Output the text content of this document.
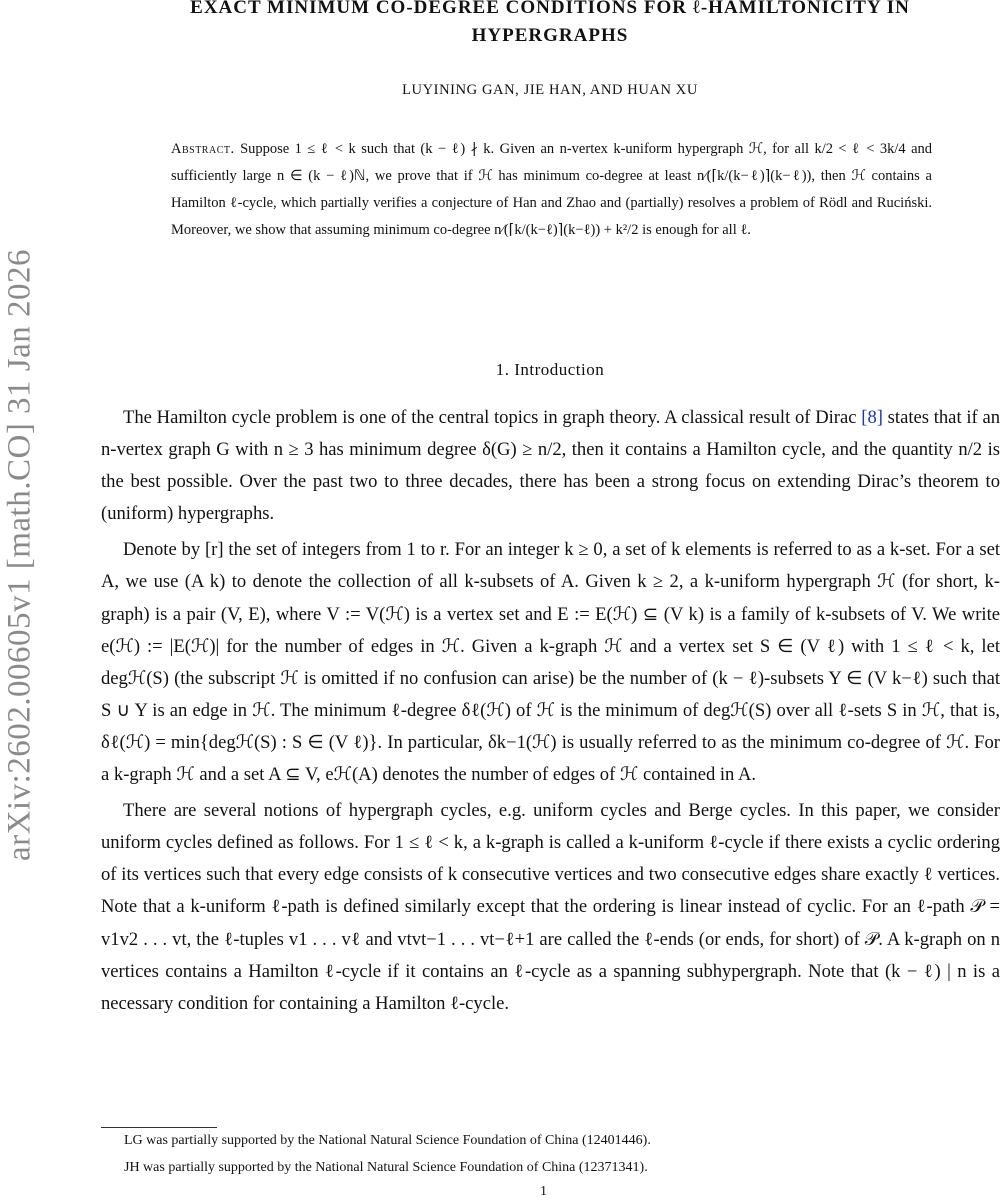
arXiv:2602.00605v1 [math.CO] 31 Jan 2026
EXACT MINIMUM CO-DEGREE CONDITIONS FOR ℓ-HAMILTONICITY IN
HYPERGRAPHS
LUYINING GAN, JIE HAN, AND HUAN XU
Abstract. Suppose 1 ≤ ℓ < k such that (k − ℓ) ∤ k. Given an n-vertex k-uniform hypergraph ℋ, for all k/2 < ℓ < 3k/4 and sufficiently large n ∈ (k − ℓ)ℕ, we prove that if ℋ has minimum co-degree at least n⁄(⌈k/(k−ℓ)⌉(k−ℓ)), then ℋ contains a Hamilton ℓ-cycle, which partially verifies a conjecture of Han and Zhao and (partially) resolves a problem of Rödl and Ruciński. Moreover, we show that assuming minimum co-degree n⁄(⌈k/(k−ℓ)⌉(k−ℓ)) + k²/2 is enough for all ℓ.
1. Introduction

The Hamilton cycle problem is one of the central topics in graph theory. A classical result of Dirac [8] states that if an n-vertex graph G with n ≥ 3 has minimum degree δ(G) ≥ n/2, then it contains a Hamilton cycle, and the quantity n/2 is the best possible. Over the past two to three decades, there has been a strong focus on extending Dirac’s theorem to (uniform) hypergraphs.

Denote by [r] the set of integers from 1 to r. For an integer k ≥ 0, a set of k elements is referred to as a k-set. For a set A, we use (A k) to denote the collection of all k-subsets of A. Given k ≥ 2, a k-uniform hypergraph ℋ (for short, k-graph) is a pair (V, E), where V := V(ℋ) is a vertex set and E := E(ℋ) ⊆ (V k) is a family of k-subsets of V. We write e(ℋ) := |E(ℋ)| for the number of edges in ℋ. Given a k-graph ℋ and a vertex set S ∈ (V ℓ) with 1 ≤ ℓ < k, let degℋ(S) (the subscript ℋ is omitted if no confusion can arise) be the number of (k − ℓ)-subsets Y ∈ (V k−ℓ) such that S ∪ Y is an edge in ℋ. The minimum ℓ-degree δℓ(ℋ) of ℋ is the minimum of degℋ(S) over all ℓ-sets S in ℋ, that is, δℓ(ℋ) = min{degℋ(S) : S ∈ (V ℓ)}. In particular, δk−1(ℋ) is usually referred to as the minimum co-degree of ℋ. For a k-graph ℋ and a set A ⊆ V, eℋ(A) denotes the number of edges of ℋ contained in A.

There are several notions of hypergraph cycles, e.g. uniform cycles and Berge cycles. In this paper, we consider uniform cycles defined as follows. For 1 ≤ ℓ < k, a k-graph is called a k-uniform ℓ-cycle if there exists a cyclic ordering of its vertices such that every edge consists of k consecutive vertices and two consecutive edges share exactly ℓ vertices. Note that a k-uniform ℓ-path is defined similarly except that the ordering is linear instead of cyclic. For an ℓ-path 𝒫 = v1v2 . . . vt, the ℓ-tuples v1 . . . vℓ and vtvt−1 . . . vt−ℓ+1 are called the ℓ-ends (or ends, for short) of 𝒫. A k-graph on n vertices contains a Hamilton ℓ-cycle if it contains an ℓ-cycle as a spanning subhypergraph. Note that (k − ℓ) | n is a necessary condition for containing a Hamilton ℓ-cycle.

LG was partially supported by the National Natural Science Foundation of China (12401446).
JH was partially supported by the National Natural Science Foundation of China (12371341).
1
